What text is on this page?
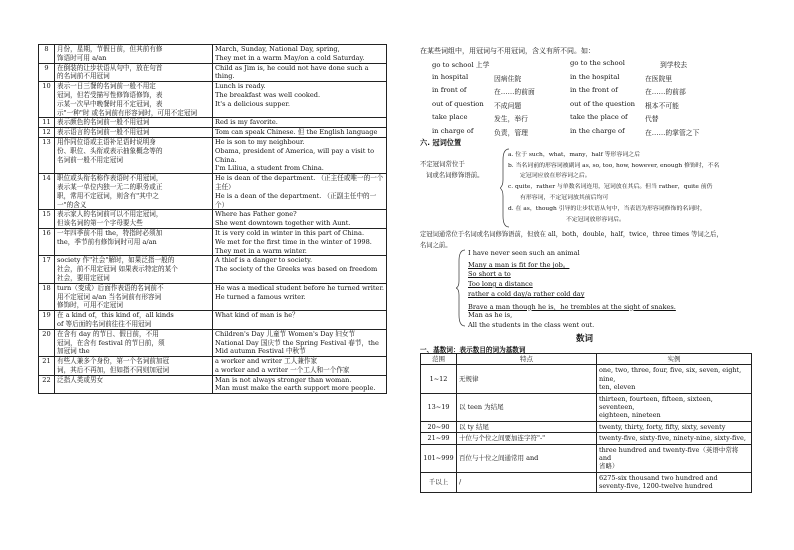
8	月份，星期，节假日前，但其前有修
饰语时可用 a/an	March, Sunday, National Day, spring,
They met in a warm May/on a cold Saturday.

9	在倒装的让步状语从句中，放在句首
的名词前不用冠词	Child as Jim is, he could not have done such a thing.

10	表示一日三餐的名词前一般不用定
冠词，但若受描写性修饰语修饰，表
示某一次早中晚餐时用不定冠词，表
示"一种"时 或名词前有形容词时，可用不定冠词	Lunch is ready.
The breakfast was well cooked.
It's a delicious supper.

11	表示颜色的名词前一般不用冠词	Red is my favorite.

12	表示语言的名词前一般不用冠词	Tom can speak Chinese. 但 the English language

13	用作同位语或主语补足语时说明身
份、职位、头衔或表示抽象概念等的
名词前一般不用定冠词	He is son to my neighbour.
Obama, president of America, will pay a visit to China.
I'm Liliua, a student from China.

14	职位或头衔名称作表语时不用冠词，
表示某一单位内独一无二的职务或正
职，常用不定冠词，则含有"其中之
一"的含义	He is dean of the department. （正主任或唯一的一个主任）
He is a dean of the department. （正副主任中的一个）

15	表示家人的名词前可以不用定冠词，
但该名词的第一个字母要大些	Where has Father gone?
She went downtown together with Aunt.

16	一年四季前不用 the，特指时必须加
the，季节前有修饰词时可用 a/an	It is very cold in winter in this part of China.
We met for the first time in the winter of 1998.
They met in a warm winter.

17	society 作"社会"解时，如果泛指一般的
社会，前不用定冠词 如果表示特定的某个
社会，要用定冠词	A thief is a danger to society.
The society of the Greeks was based on freedom

18	turn（变成）后面作表语的名词前不
用不定冠词 a/an 当名词前有形容词
修饰时，可用不定冠词	He was a medical student before he turned writer.
He turned a famous writer.

19	在 a kind of，this kind of，all kinds
of 等后面的名词前往往不用冠词	What kind of man is he？

20	在含有 day 的节日、假日前，不用
冠词，在含有 festival 的节日前，须
加冠词 the	Children's Day 儿童节 Women's Day 妇女节
National Day 国庆节 the Spring Festival 春节，the
Mid autumn Festival 中秋节

21	有些人兼多个身份，第一个名词前加冠
词，其后不再加，但如指不同则加冠词	a worker and writer 工人兼作家
a worker and a writer 一个工人和一个作家

22	泛指人类或男女	Man is not always stronger than woman.
Man must make the earth support more people.
在某些词组中，用冠词与不用冠词，含义有所不同。如：
go to school 上学	go to the school	到学校去
in hospital	因病住院	in the hospital	在医院里
in front of	在……的前面	in the front of	在……的前部
out of question 不成问题	out of the question 根本不可能
take place	发生，举行	take the place of	代替
in charge of	负责，管理	in the charge of	在……的掌管之下
六. 冠词位置
不定冠词常位于
词或名词修饰语前。
a. 位于 such，what，many，half 等形容词之后
b. 当名词前的形容词被副词 as, so, too, how, however, enough 修饰时，不名
定冠词应放在形容词之后。
c. quite，rather 与单数名词连用，冠词放在其后。但当 rather，quite 前仍
有形容词，不定冠词放其前后均可
d. 在 as，though 引导的让步状语从句中，当表语为形容词修饰的名词时，
不定冠词放形容词后。
定冠词通常位于名词或名词修饰语前，但放在 all，both，double，half，twice，three times 等词之后，
名词之前。
I have never seen such an animal
Many a man is fit for the job。
So short a to
Too long a distance
rather a cold day/a rather cold day
Brave a man though he is，he trembles at the sight of snakes.
Man as he is,
All the students in the class went out.
数词
一、基数词：表示数目的词为基数词
范围	特点	实例
1~12	无规律	one, two, three, four, five, six, seven, eight, nine,
ten, eleven

13~19	以 teen 为结尾	thirteen, fourteen, fifteen, sixteen, seventeen,
eighteen, nineteen

20~90	以 ty 结尾	twenty, thirty, forty, fifty, sixty, seventy

21~99	十位与个位之间要加连字符"-"	twenty-five, sixty-five, ninety-nine, sixty-five,

101~999	百位与十位之间通常用 and	three hundred and twenty-five（英语中常将 and
省略）

千以上	/	6275-six thousand two hundred and
seventy-five, 1200-twelve hundred
